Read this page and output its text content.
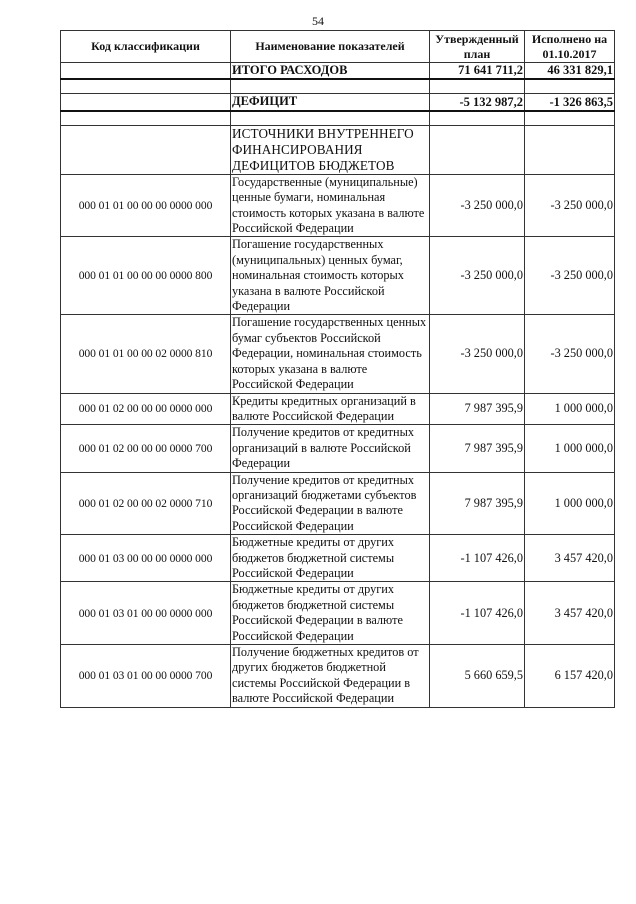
54
Код классификации	Наименование показателей	Утвержденный план	Исполнено на 01.10.2017
	ИТОГО РАСХОДОВ	71 641 711,2	46 331 829,1

	ДЕФИЦИТ	-5 132 987,2	-1 326 863,5

	ИСТОЧНИКИ ВНУТРЕННЕГО ФИНАНСИРОВАНИЯ ДЕФИЦИТОВ БЮДЖЕТОВ		
000 01 01 00 00 00 0000 000	Государственные (муниципальные) ценные бумаги, номинальная стоимость которых указана в валюте Российской Федерации	-3 250 000,0	-3 250 000,0
000 01 01 00 00 00 0000 800	Погашение государственных (муниципальных) ценных бумаг, номинальная стоимость которых указана в валюте Российской Федерации	-3 250 000,0	-3 250 000,0
000 01 01 00 00 02 0000 810	Погашение государственных ценных бумаг субъектов Российской Федерации, номинальная стоимость которых указана в валюте Российской Федерации	-3 250 000,0	-3 250 000,0
000 01 02 00 00 00 0000 000	Кредиты кредитных организаций в валюте Российской Федерации	7 987 395,9	1 000 000,0
000 01 02 00 00 00 0000 700	Получение кредитов от кредитных организаций в валюте Российской Федерации	7 987 395,9	1 000 000,0
000 01 02 00 00 02 0000 710	Получение кредитов от кредитных организаций бюджетами субъектов Российской Федерации в валюте Российской Федерации	7 987 395,9	1 000 000,0
000 01 03 00 00 00 0000 000	Бюджетные кредиты от других бюджетов бюджетной системы Российской Федерации	-1 107 426,0	3 457 420,0
000 01 03 01 00 00 0000 000	Бюджетные кредиты от других бюджетов бюджетной системы Российской Федерации в валюте Российской Федерации	-1 107 426,0	3 457 420,0
000 01 03 01 00 00 0000 700	Получение бюджетных кредитов от других бюджетов бюджетной системы Российской Федерации в валюте Российской Федерации	5 660 659,5	6 157 420,0
